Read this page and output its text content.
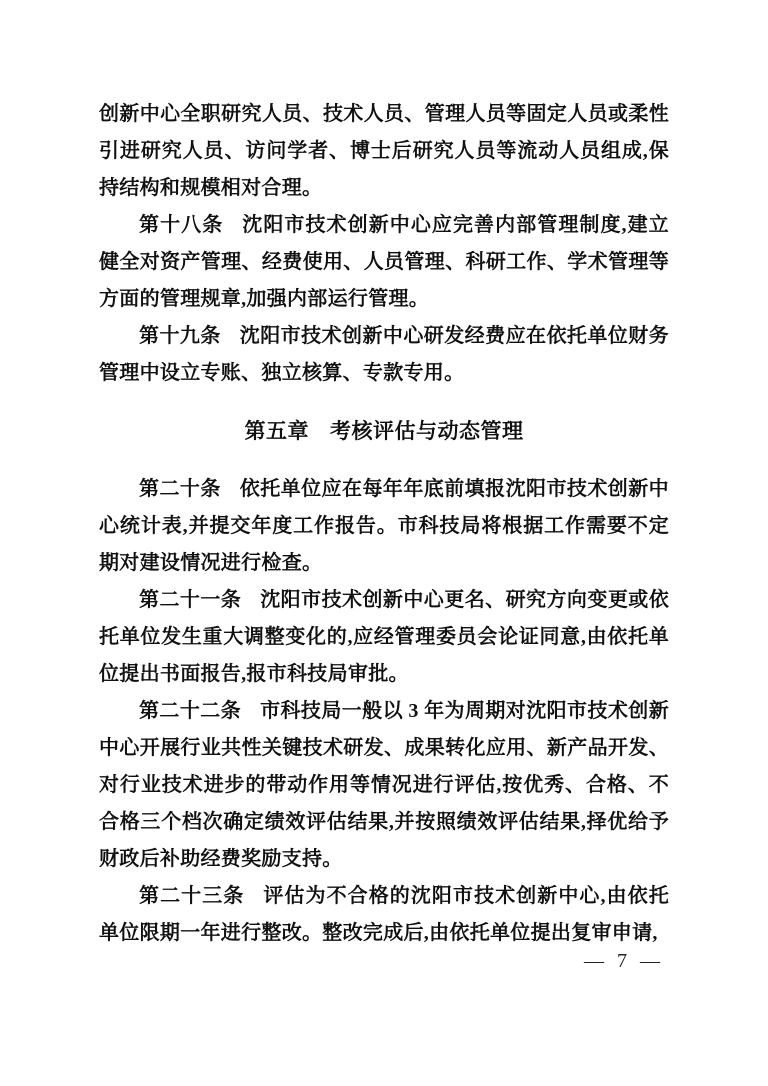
创新中心全职研究人员、技术人员、管理人员等固定人员或柔性引进研究人员、访问学者、博士后研究人员等流动人员组成,保持结构和规模相对合理。

第十八条 沈阳市技术创新中心应完善内部管理制度,建立健全对资产管理、经费使用、人员管理、科研工作、学术管理等方面的管理规章,加强内部运行管理。

第十九条 沈阳市技术创新中心研发经费应在依托单位财务管理中设立专账、独立核算、专款专用。

第五章 考核评估与动态管理

第二十条 依托单位应在每年年底前填报沈阳市技术创新中心统计表,并提交年度工作报告。市科技局将根据工作需要不定期对建设情况进行检查。

第二十一条 沈阳市技术创新中心更名、研究方向变更或依托单位发生重大调整变化的,应经管理委员会论证同意,由依托单位提出书面报告,报市科技局审批。

第二十二条 市科技局一般以 3 年为周期对沈阳市技术创新中心开展行业共性关键技术研发、成果转化应用、新产品开发、对行业技术进步的带动作用等情况进行评估,按优秀、合格、不合格三个档次确定绩效评估结果,并按照绩效评估结果,择优给予财政后补助经费奖励支持。

第二十三条 评估为不合格的沈阳市技术创新中心,由依托单位限期一年进行整改。整改完成后,由依托单位提出复审申请,

— 7 —
